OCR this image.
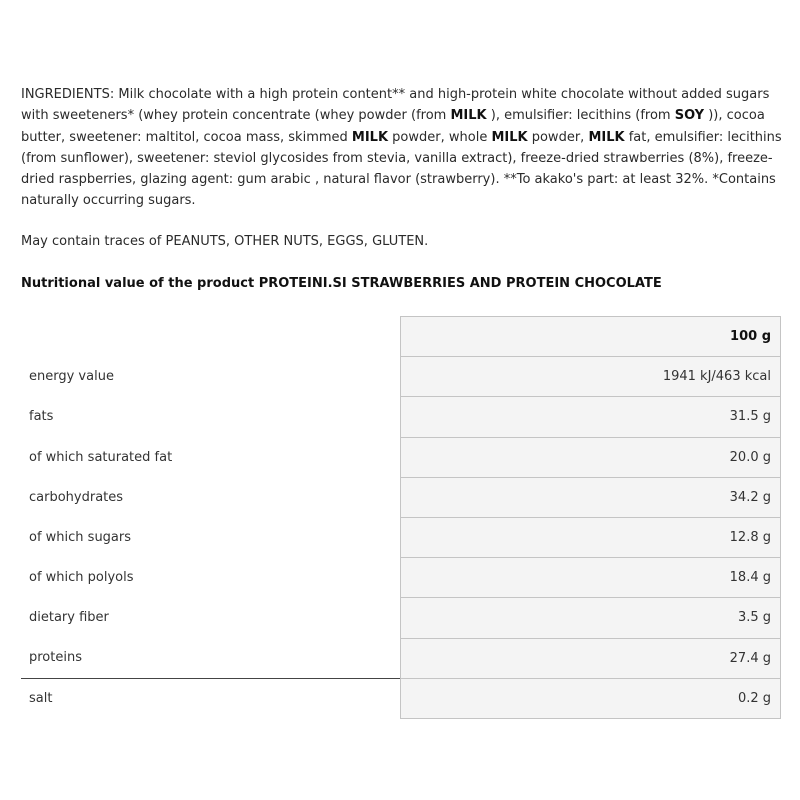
INGREDIENTS: Milk chocolate with a high protein content** and high-protein white chocolate without added sugars with sweeteners* (whey protein concentrate (whey powder (from MILK ), emulsifier: lecithins (from SOY )), cocoa butter, sweetener: maltitol, cocoa mass, skimmed MILK powder, whole MILK powder, MILK fat, emulsifier: lecithins (from sunflower), sweetener: steviol glycosides from stevia, vanilla extract), freeze-dried strawberries (8%), freeze-dried raspberries, glazing agent: gum arabic , natural flavor (strawberry). **To akako's part: at least 32%. *Contains naturally occurring sugars.

May contain traces of PEANUTS, OTHER NUTS, EGGS, GLUTEN.

Nutritional value of the product PROTEINI.SI STRAWBERRIES AND PROTEIN CHOCOLATE

	100 g
energy value	1941 kJ/463 kcal
fats	31.5 g
of which saturated fat	20.0 g
carbohydrates	34.2 g
of which sugars	12.8 g
of which polyols	18.4 g
dietary fiber	3.5 g
proteins	27.4 g
salt	0.2 g
